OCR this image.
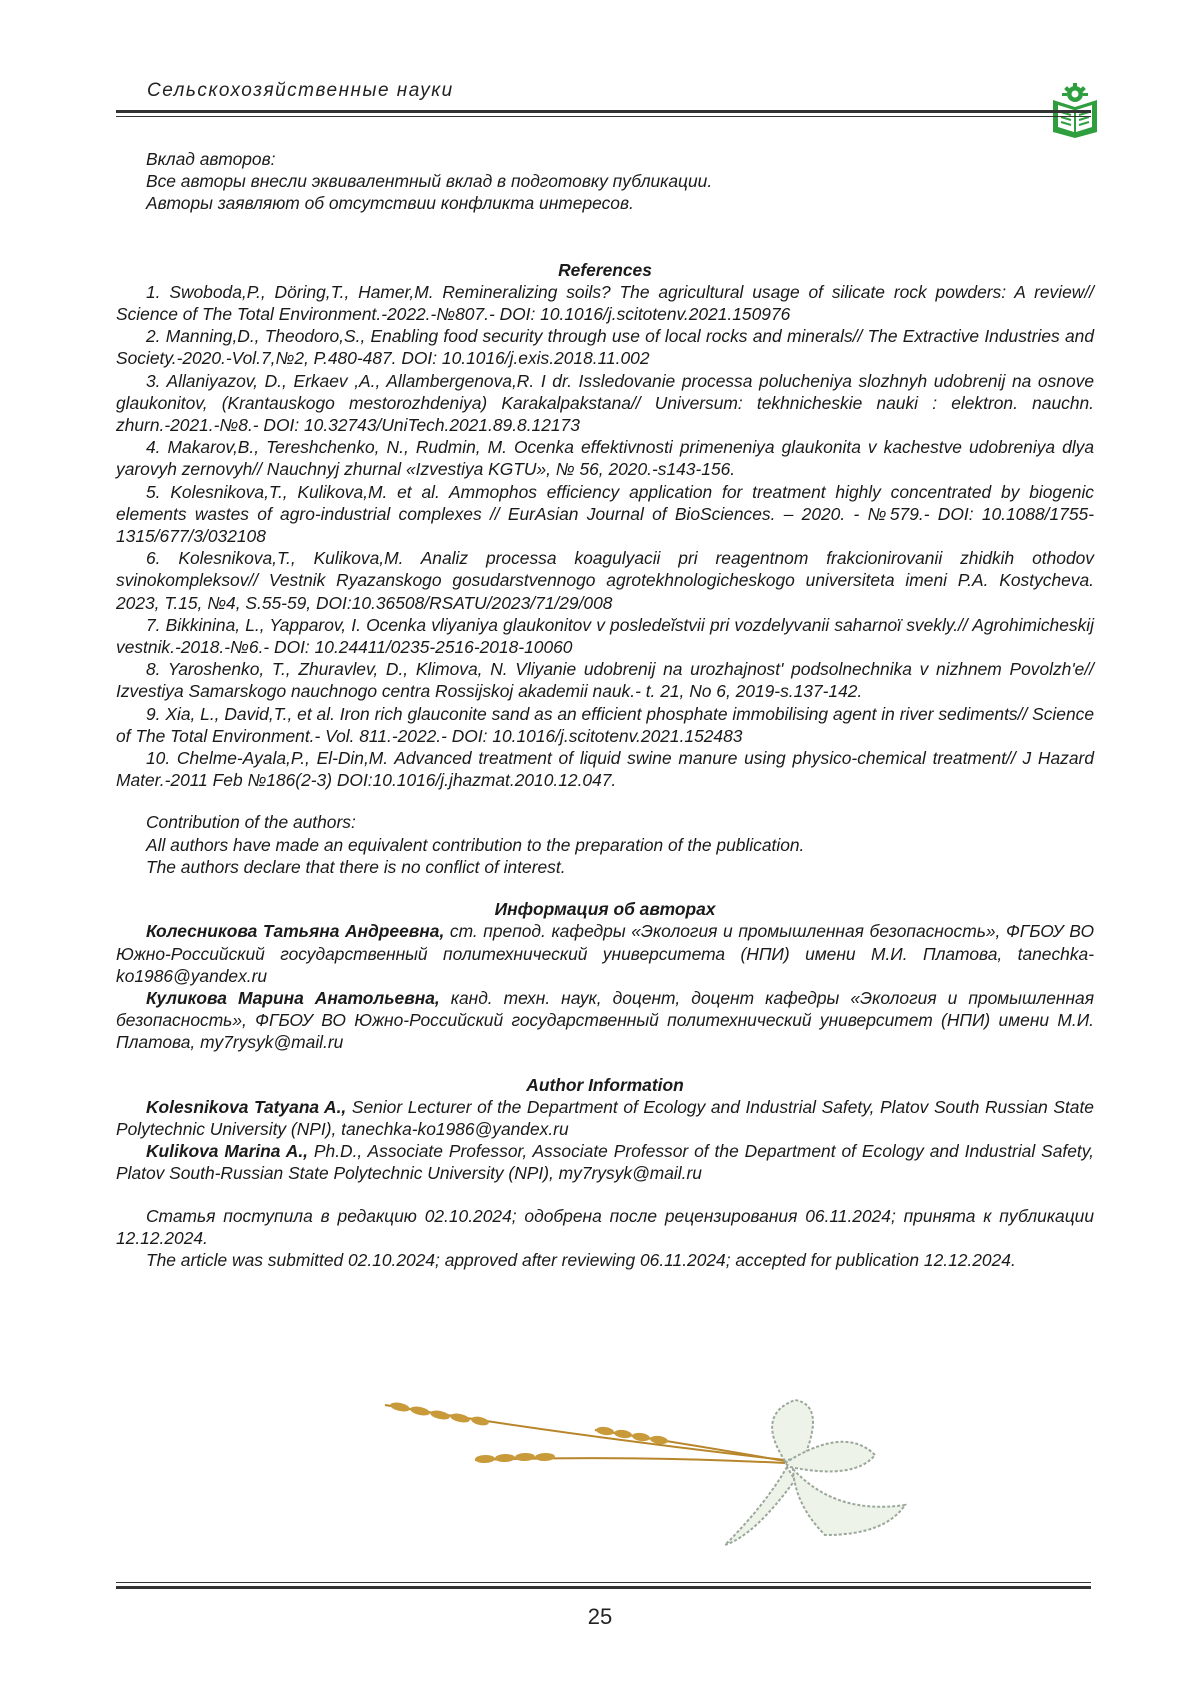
Сельскохозяйственные науки

Вклад авторов:

Все авторы внесли эквивалентный вклад в подготовку публикации.

Авторы заявляют об отсутствии конфликта интересов.

References

1. Swoboda,P., Döring,T., Hamer,M. Remineralizing soils? The agricultural usage of silicate rock powders: A review// Science of The Total Environment.-2022.-№807.- DOI: 10.1016/j.scitotenv.2021.150976

2. Manning,D., Theodoro,S., Enabling food security through use of local rocks and minerals// The Extractive Industries and Society.-2020.-Vol.7,№2, P.480-487. DOI: 10.1016/j.exis.2018.11.002

3. Allaniyazov, D., Erkaev ,A., Allambergenova,R. I dr. Issledovanie processa polucheniya slozhnyh udobrenij na osnove glaukonitov, (Krantauskogo mestorozhdeniya) Karakalpakstana// Universum: tekhnicheskie nauki : elektron. nauchn. zhurn.-2021.-№8.- DOI: 10.32743/UniTech.2021.89.8.12173

4. Makarov,B., Tereshchenko, N., Rudmin, M. Ocenka effektivnosti primeneniya glaukonita v kachestve udobreniya dlya yarovyh zernovyh// Nauchnyj zhurnal «Izvestiya KGTU», № 56, 2020.-s143-156.

5. Kolesnikova,T., Kulikova,M. et al. Ammophos efficiency application for treatment highly concentrated by biogenic elements wastes of agro-industrial complexes // EurAsian Journal of BioSciences. – 2020. - №579.- DOI: 10.1088/1755-1315/677/3/032108

6. Kolesnikova,T., Kulikova,M. Analiz processa koagulyacii pri reagentnom frakcionirovanii zhidkih othodov svinokompleksov// Vestnik Ryazanskogo gosudarstvennogo agrotekhnologicheskogo universiteta imeni P.A. Kostycheva. 2023, T.15, №4, S.55-59, DOI:10.36508/RSATU/2023/71/29/008

7. Bikkinina, L., Yapparov, I. Ocenka vliyaniya glaukonitov v posledeĭstvii pri vozdelyvanii saharnoї svekly.// Agrohimicheskij vestnik.-2018.-№6.- DOI: 10.24411/0235-2516-2018-10060

8. Yaroshenko, T., Zhuravlev, D., Klimova, N. Vliyanie udobrenij na urozhajnost' podsolnechnika v nizhnem Povolzh'e// Izvestiya Samarskogo nauchnogo centra Rossijskoj akademii nauk.- t. 21, No 6, 2019-s.137-142.

9. Xia, L., David,T., et al. Iron rich glauconite sand as an efficient phosphate immobilising agent in river sediments// Science of The Total Environment.- Vol. 811.-2022.- DOI: 10.1016/j.scitotenv.2021.152483

10. Chelme-Ayala,P., El-Din,M. Advanced treatment of liquid swine manure using physico-chemical treatment// J Hazard Mater.-2011 Feb №186(2-3) DOI:10.1016/j.jhazmat.2010.12.047.

Contribution of the authors:

All authors have made an equivalent contribution to the preparation of the publication.

The authors declare that there is no conflict of interest.

Информация об авторах

Колесникова Татьяна Андреевна, ст. препод. кафедры «Экология и промышленная безопасность», ФГБОУ ВО Южно-Российский государственный политехнический университета (НПИ) имени М.И. Платова, tanechka-ko1986@yandex.ru

Куликова Марина Анатольевна, канд. техн. наук, доцент, доцент кафедры «Экология и промышленная безопасность», ФГБОУ ВО Южно-Российский государственный политехнический университет (НПИ) имени М.И. Платова, my7rysyk@mail.ru

Author Information

Kolesnikova Tatyana A., Senior Lecturer of the Department of Ecology and Industrial Safety, Platov South Russian State Polytechnic University (NPI), tanechka-ko1986@yandex.ru

Kulikova Marina A., Ph.D., Associate Professor, Associate Professor of the Department of Ecology and Industrial Safety, Platov South-Russian State Polytechnic University (NPI), my7rysyk@mail.ru

Статья поступила в редакцию 02.10.2024; одобрена после рецензирования 06.11.2024; принята к публикации 12.12.2024.

The article was submitted 02.10.2024; approved after reviewing 06.11.2024; accepted for publication 12.12.2024.

25
